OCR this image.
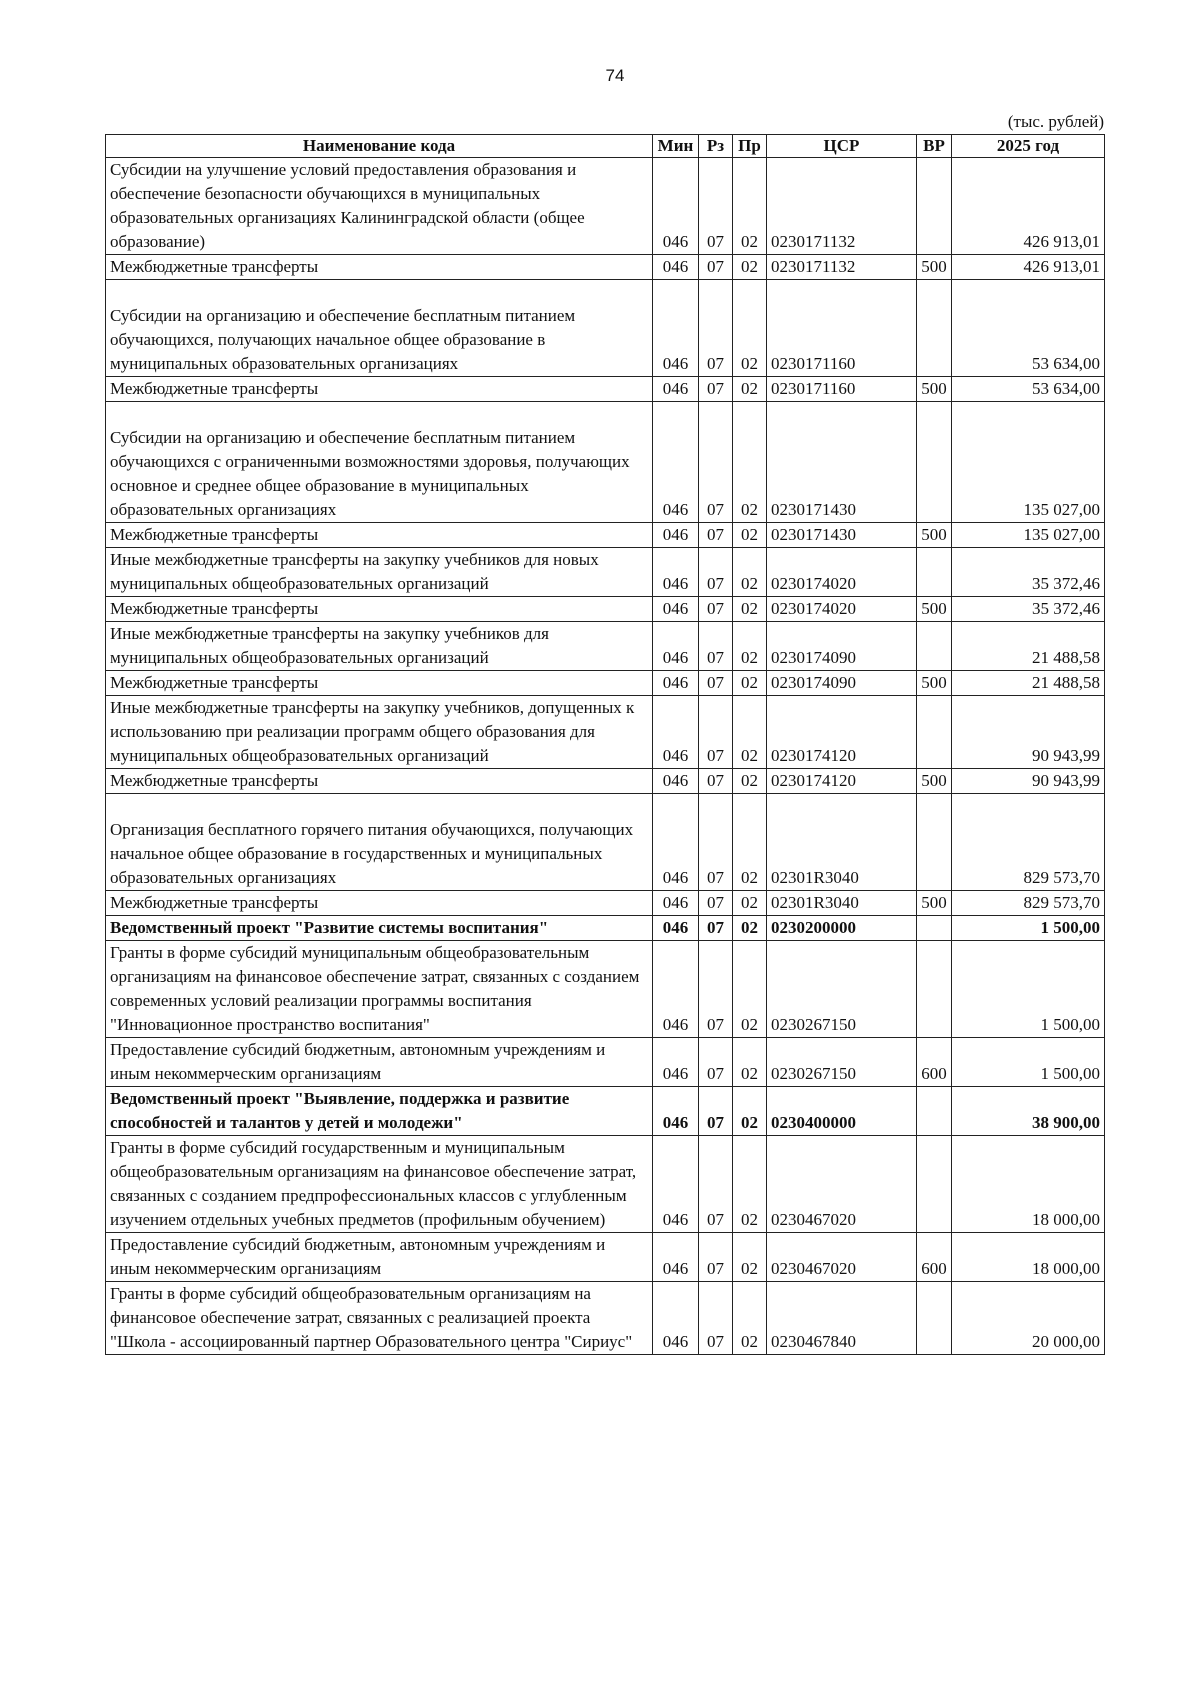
74
(тыс. рублей)
Наименование кода	Мин	Рз	Пр	ЦСР	ВР	2025 год
Субсидии на улучшение условий предоставления образования и обеспечение безопасности обучающихся в муниципальных образовательных организациях Калининградской области (общее образование)	046	07	02	0230171132		426 913,01
Межбюджетные трансферты	046	07	02	0230171132	500	426 913,01
Субсидии на организацию и обеспечение бесплатным питанием обучающихся, получающих начальное общее образование в муниципальных образовательных организациях	046	07	02	0230171160		53 634,00
Межбюджетные трансферты	046	07	02	0230171160	500	53 634,00
Субсидии на организацию и обеспечение бесплатным питанием обучающихся с ограниченными возможностями здоровья, получающих основное и среднее общее образование в муниципальных образовательных организациях	046	07	02	0230171430		135 027,00
Межбюджетные трансферты	046	07	02	0230171430	500	135 027,00
Иные межбюджетные трансферты на закупку учебников для новых муниципальных общеобразовательных организаций	046	07	02	0230174020		35 372,46
Межбюджетные трансферты	046	07	02	0230174020	500	35 372,46
Иные межбюджетные трансферты на закупку учебников для муниципальных общеобразовательных организаций	046	07	02	0230174090		21 488,58
Межбюджетные трансферты	046	07	02	0230174090	500	21 488,58
Иные межбюджетные трансферты на закупку учебников, допущенных к использованию при реализации программ общего образования для муниципальных общеобразовательных организаций	046	07	02	0230174120		90 943,99
Межбюджетные трансферты	046	07	02	0230174120	500	90 943,99
Организация бесплатного горячего питания обучающихся, получающих начальное общее образование в государственных и муниципальных образовательных организациях	046	07	02	02301R3040		829 573,70
Межбюджетные трансферты	046	07	02	02301R3040	500	829 573,70
Ведомственный проект "Развитие системы воспитания"	046	07	02	0230200000		1 500,00
Гранты в форме субсидий муниципальным общеобразовательным организациям на финансовое обеспечение затрат, связанных с созданием современных условий реализации программы воспитания "Инновационное пространство воспитания"	046	07	02	0230267150		1 500,00
Предоставление субсидий бюджетным, автономным учреждениям и иным некоммерческим организациям	046	07	02	0230267150	600	1 500,00
Ведомственный проект "Выявление, поддержка и развитие способностей и талантов у детей и молодежи"	046	07	02	0230400000		38 900,00
Гранты в форме субсидий государственным и муниципальным общеобразовательным организациям на финансовое обеспечение затрат, связанных с созданием предпрофессиональных классов с углубленным изучением отдельных учебных предметов (профильным обучением)	046	07	02	0230467020		18 000,00
Предоставление субсидий бюджетным, автономным учреждениям и иным некоммерческим организациям	046	07	02	0230467020	600	18 000,00
Гранты в форме субсидий общеобразовательным организациям на финансовое обеспечение затрат, связанных с реализацией проекта "Школа - ассоциированный партнер Образовательного центра "Сириус"	046	07	02	0230467840		20 000,00
